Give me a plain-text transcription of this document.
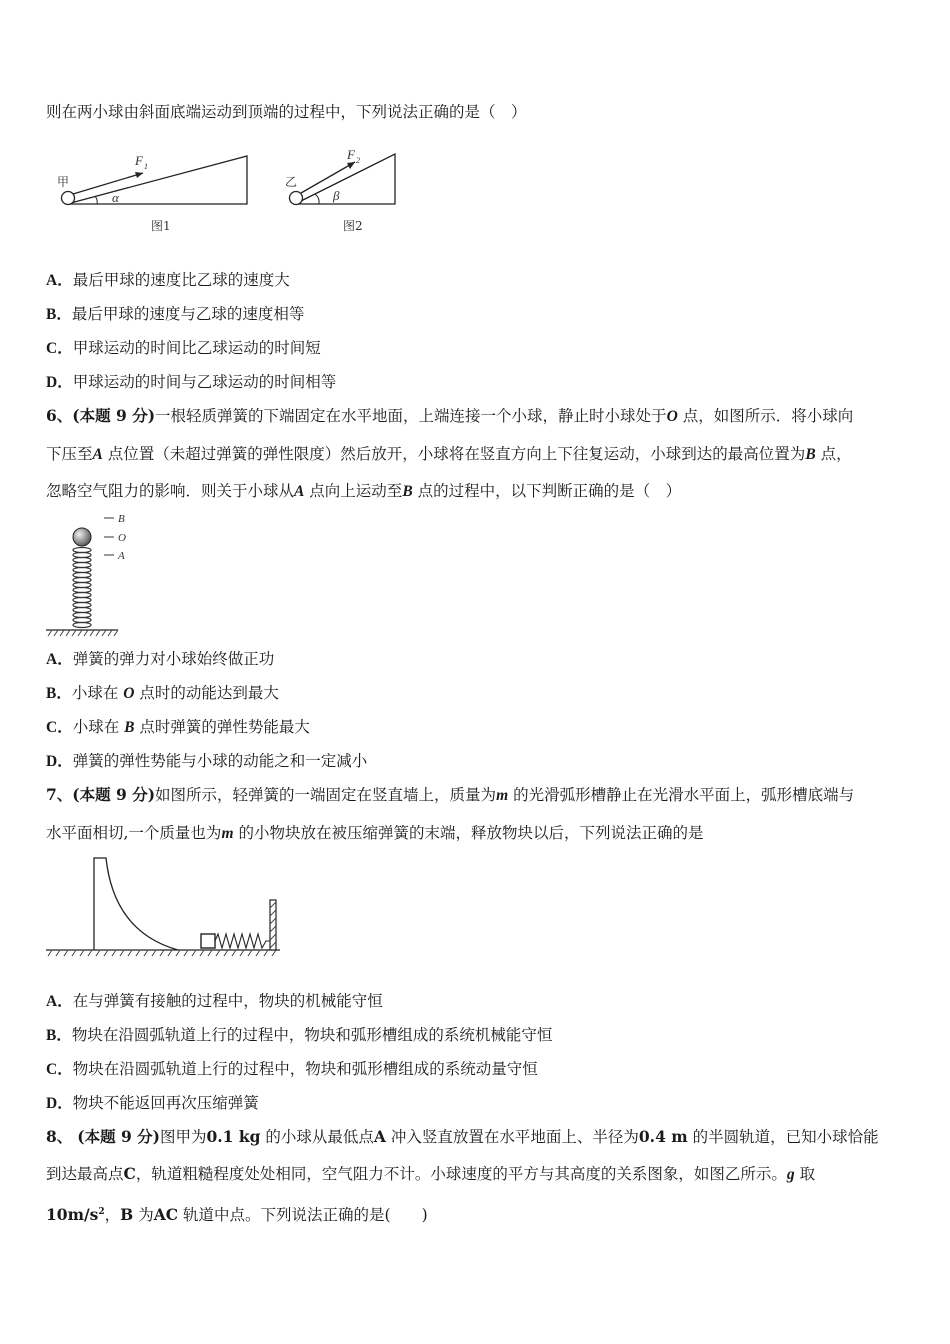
则在两小球由斜面底端运动到顶端的过程中，下列说法正确的是（　）
甲
F 1
α
图1
乙
F 2
β
图2
A．最后甲球的速度比乙球的速度大
B．最后甲球的速度与乙球的速度相等
C．甲球运动的时间比乙球运动的时间短
D．甲球运动的时间与乙球运动的时间相等
6、(本题 9 分)一根轻质弹簧的下端固定在水平地面，上端连接一个小球，静止时小球处于O 点，如图所示．将小球向
下压至A 点位置（未超过弹簧的弹性限度）然后放开，小球将在竖直方向上下往复运动，小球到达的最高位置为B 点，
忽略空气阻力的影响．则关于小球从A 点向上运动至B 点的过程中，以下判断正确的是（　）
B
O
A
A．弹簧的弹力对小球始终做正功
B．小球在 O 点时的动能达到最大
C．小球在 B 点时弹簧的弹性势能最大
D．弹簧的弹性势能与小球的动能之和一定减小
7、(本题 9 分)如图所示，轻弹簧的一端固定在竖直墙上，质量为m 的光滑弧形槽静止在光滑水平面上，弧形槽底端与
水平面相切,一个质量也为m 的小物块放在被压缩弹簧的末端，释放物块以后，下列说法正确的是
A．在与弹簧有接触的过程中，物块的机械能守恒
B．物块在沿圆弧轨道上行的过程中，物块和弧形槽组成的系统机械能守恒
C．物块在沿圆弧轨道上行的过程中，物块和弧形槽组成的系统动量守恒
D．物块不能返回再次压缩弹簧
8、 (本题 9 分)图甲为0.1 kg 的小球从最低点A 冲入竖直放置在水平地面上、半径为0.4 m 的半圆轨道，已知小球恰能
到达最高点C，轨道粗糙程度处处相同，空气阻力不计。小球速度的平方与其高度的关系图象，如图乙所示。g 取
$10m/s^2$，B 为AC 轨道中点。下列说法正确的是(　　)
